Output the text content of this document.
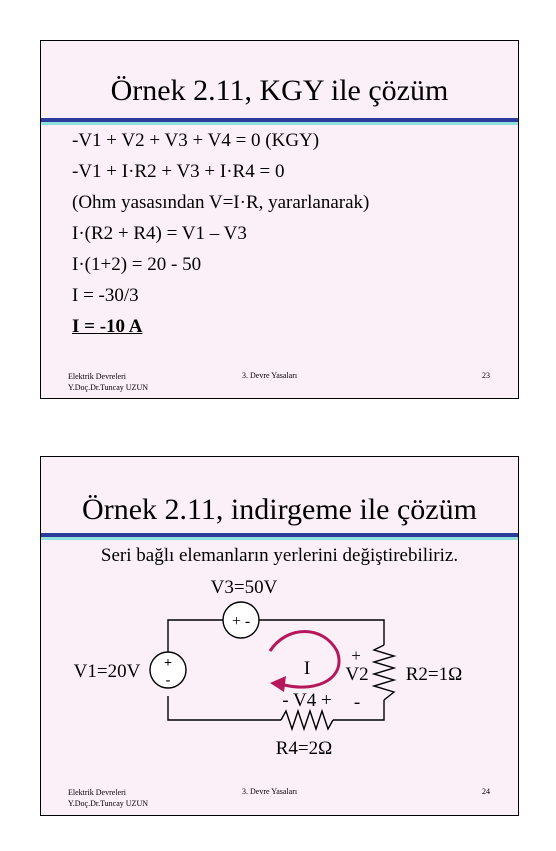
Örnek 2.11, KGY ile çözüm
-V1 + V2 + V3 + V4 = 0 (KGY)
-V1 + I·R2 + V3 + I·R4 = 0
(Ohm yasasından V=I·R, yararlanarak)
I·(R2 + R4) = V1 – V3
I·(1+2) = 20 - 50
I = -30/3
I = -10 A
Elektrik Devreleri
Y.Doç.Dr.Tuncay UZUN
3. Devre Yasaları	23
Örnek 2.11, indirgeme ile çözüm
Seri bağlı elemanların yerlerini değiştirebiliriz.
+ -
V3=50V
+
-
V1=20V
+
V2
-
R2=1Ω
- V4 +
R4=2Ω
I
Elektrik Devreleri
Y.Doç.Dr.Tuncay UZUN
3. Devre Yasaları	24
